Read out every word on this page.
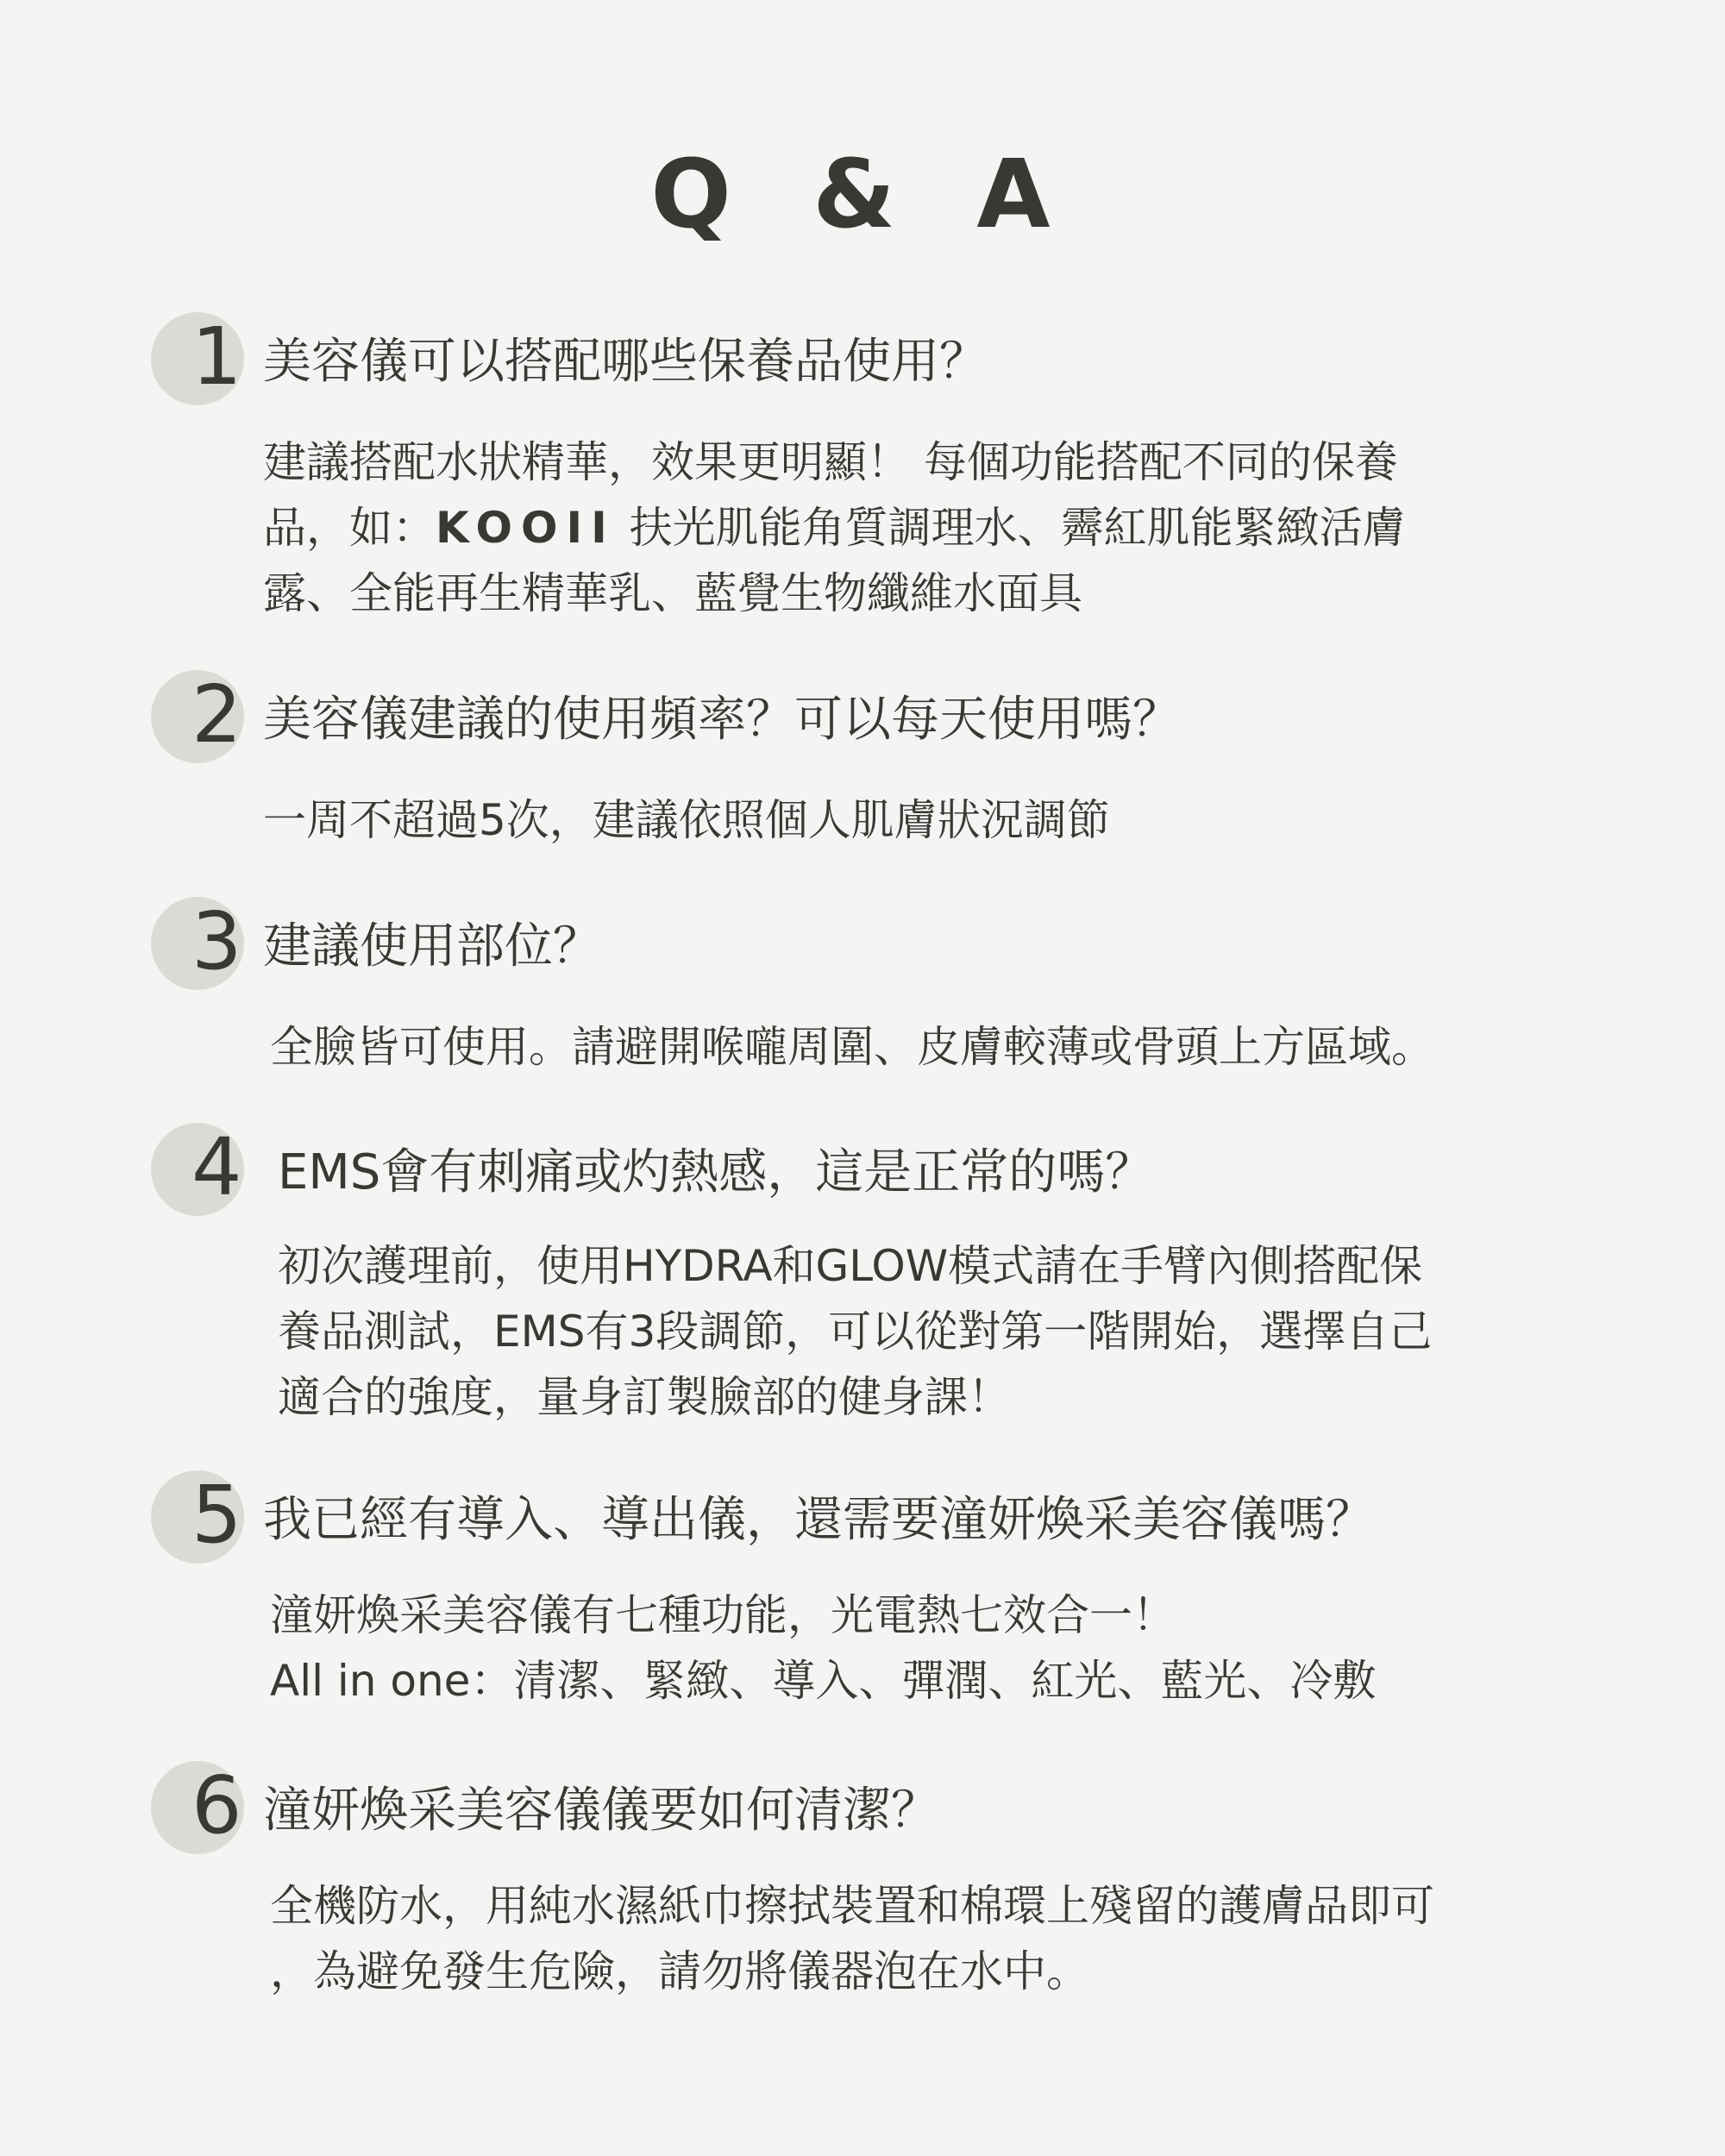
Q & A
1 美容儀可以搭配哪些保養品使用？
建議搭配水狀精華，效果更明顯！ 每個功能搭配不同的保養
品，如：KOOII 扶光肌能角質調理水、霽紅肌能緊緻活膚
露、全能再生精華乳、藍覺生物纖維水面具
2 美容儀建議的使用頻率？可以每天使用嗎？
一周不超過5次，建議依照個人肌膚狀況調節
3 建議使用部位？
全臉皆可使用。請避開喉嚨周圍、皮膚較薄或骨頭上方區域。
4 EMS會有刺痛或灼熱感，這是正常的嗎？
初次護理前，使用HYDRA和GLOW模式請在手臂內側搭配保
養品測試，EMS有3段調節，可以從對第一階開始，選擇自己
適合的強度，量身訂製臉部的健身課！
5 我已經有導入、導出儀，還需要潼妍煥采美容儀嗎？
潼妍煥采美容儀有七種功能，光電熱七效合一！
All in one：清潔、緊緻、導入、彈潤、紅光、藍光、冷敷
6 潼妍煥采美容儀儀要如何清潔？
全機防水，用純水濕紙巾擦拭裝置和棉環上殘留的護膚品即可
，為避免發生危險，請勿將儀器泡在水中。
